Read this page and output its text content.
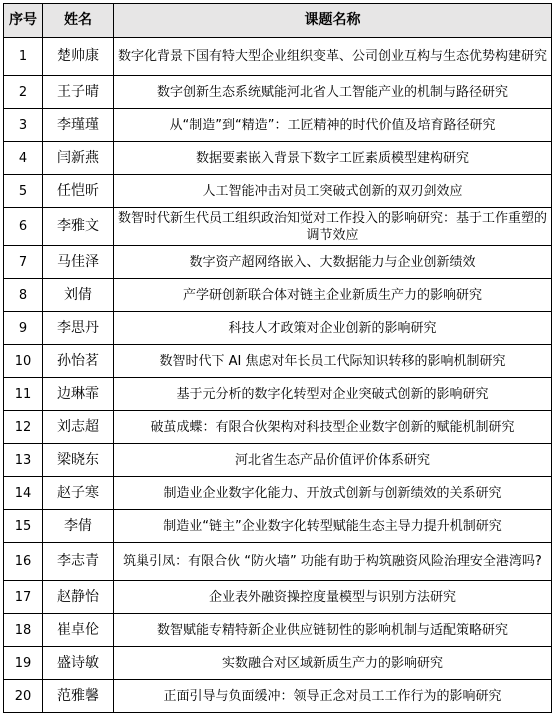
序号	姓名	课题名称
1	楚帅康	数字化背景下国有特大型企业组织变革、公司创业互构与生态优势构建研究
2	王子晴	数字创新生态系统赋能河北省人工智能产业的机制与路径研究
3	李瑾瑾	从“制造”到“精造”：工匠精神的时代价值及培育路径研究
4	闫新燕	数据要素嵌入背景下数字工匠素质模型建构研究
5	任恺昕	人工智能冲击对员工突破式创新的双刃剑效应
6	李雅文	数智时代新生代员工组织政治知觉对工作投入的影响研究：基于工作重塑的调节效应
7	马佳泽	数字资产超网络嵌入、大数据能力与企业创新绩效
8	刘倩	产学研创新联合体对链主企业新质生产力的影响研究
9	李思丹	科技人才政策对企业创新的影响研究
10	孙怡茗	数智时代下 AI 焦虑对年长员工代际知识转移的影响机制研究
11	边琳霏	基于元分析的数字化转型对企业突破式创新的影响研究
12	刘志超	破茧成蝶：有限合伙架构对科技型企业数字创新的赋能机制研究
13	梁晓东	河北省生态产品价值评价体系研究
14	赵子寒	制造业企业数字化能力、开放式创新与创新绩效的关系研究
15	李倩	制造业“链主”企业数字化转型赋能生态主导力提升机制研究
16	李志青	筑巢引凤：有限合伙 “防火墙” 功能有助于构筑融资风险治理安全港湾吗?
17	赵静怡	企业表外融资操控度量模型与识别方法研究
18	崔卓伦	数智赋能专精特新企业供应链韧性的影响机制与适配策略研究
19	盛诗敏	实数融合对区域新质生产力的影响研究
20	范雅馨	正面引导与负面缓冲：领导正念对员工工作行为的影响研究
